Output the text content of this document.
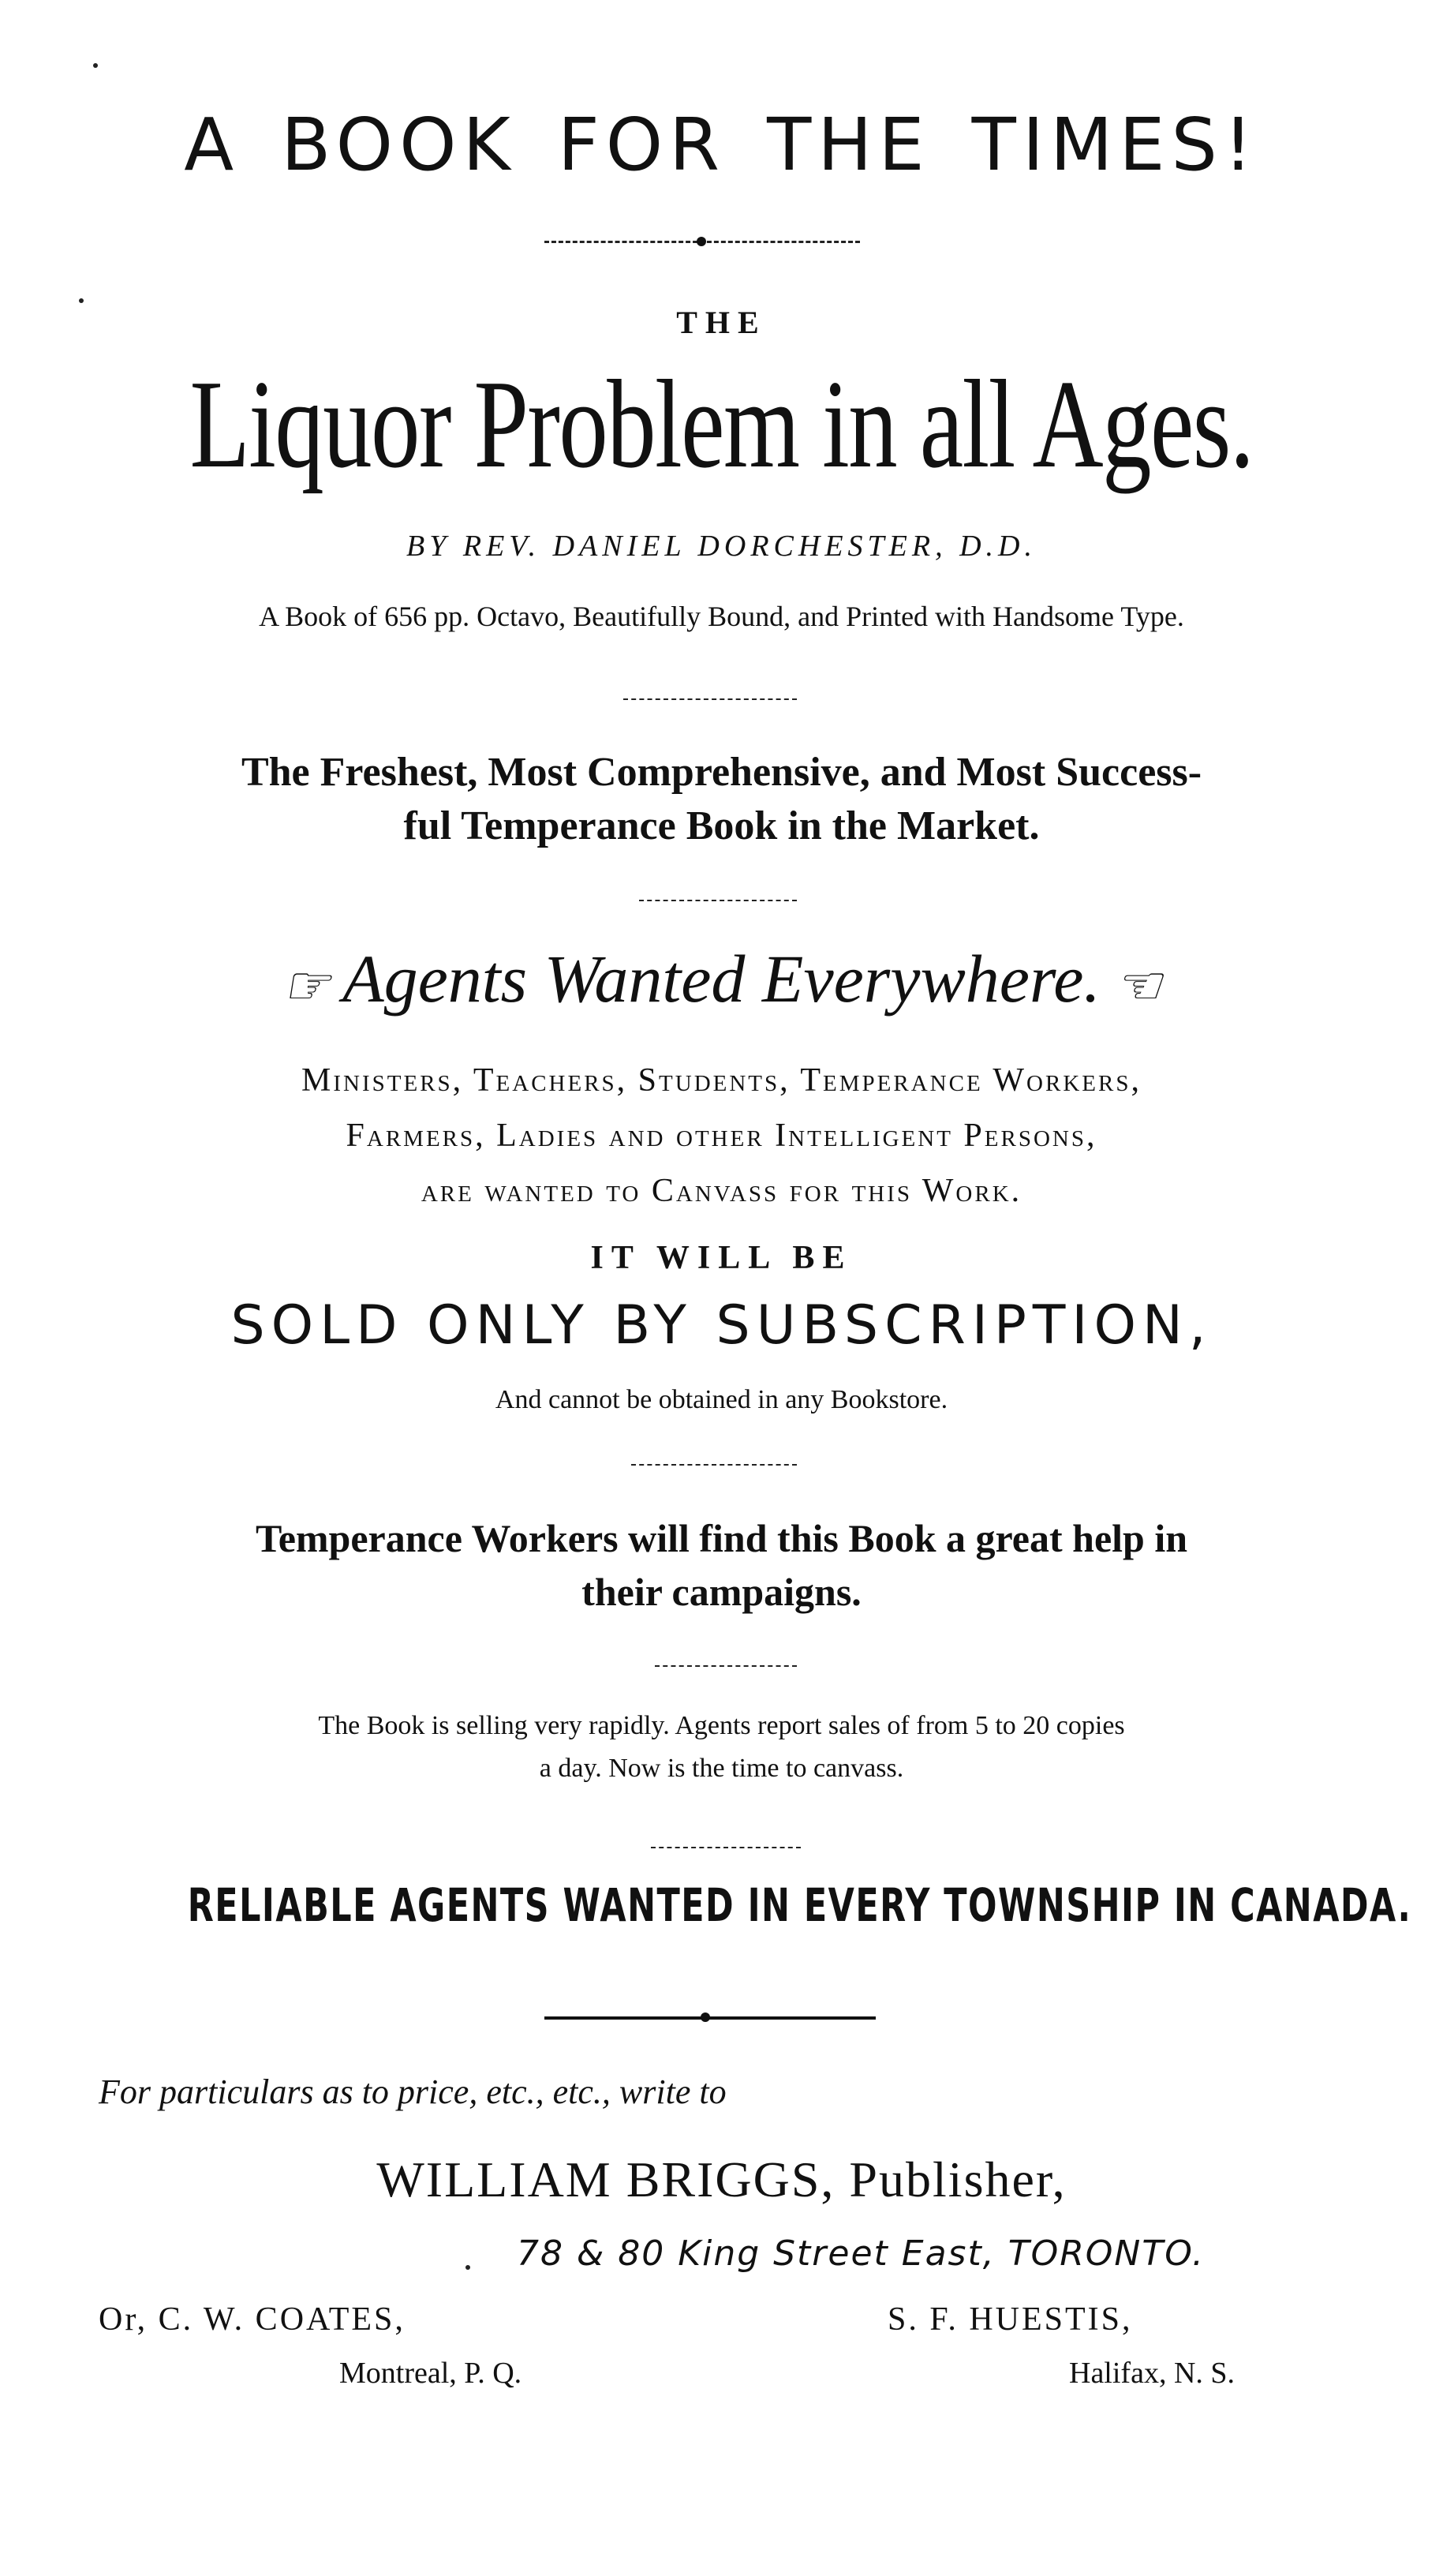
A BOOK FOR THE TIMES!
THE
Liquor Problem in all Ages.
BY REV. DANIEL DORCHESTER, D.D.
A Book of 656 pp. Octavo, Beautifully Bound, and Printed with Handsome Type.
The Freshest, Most Comprehensive, and Most Success-
ful Temperance Book in the Market.
☞ Agents Wanted Everywhere. ☜
Ministers, Teachers, Students, Temperance Workers,
Farmers, Ladies and other Intelligent Persons,
are wanted to Canvass for this Work.
IT WILL BE
SOLD ONLY BY SUBSCRIPTION,
And cannot be obtained in any Bookstore.
Temperance Workers will find this Book a great help in
their campaigns.
The Book is selling very rapidly. Agents report sales of from 5 to 20 copies
a day. Now is the time to canvass.
RELIABLE AGENTS WANTED IN EVERY TOWNSHIP IN CANADA.
For particulars as to price, etc., etc., write to
WILLIAM BRIGGS, Publisher,
78 & 80 King Street East, TORONTO.
Or, C. W. COATES,
Montreal, P. Q.
S. F. HUESTIS,
Halifax, N. S.
